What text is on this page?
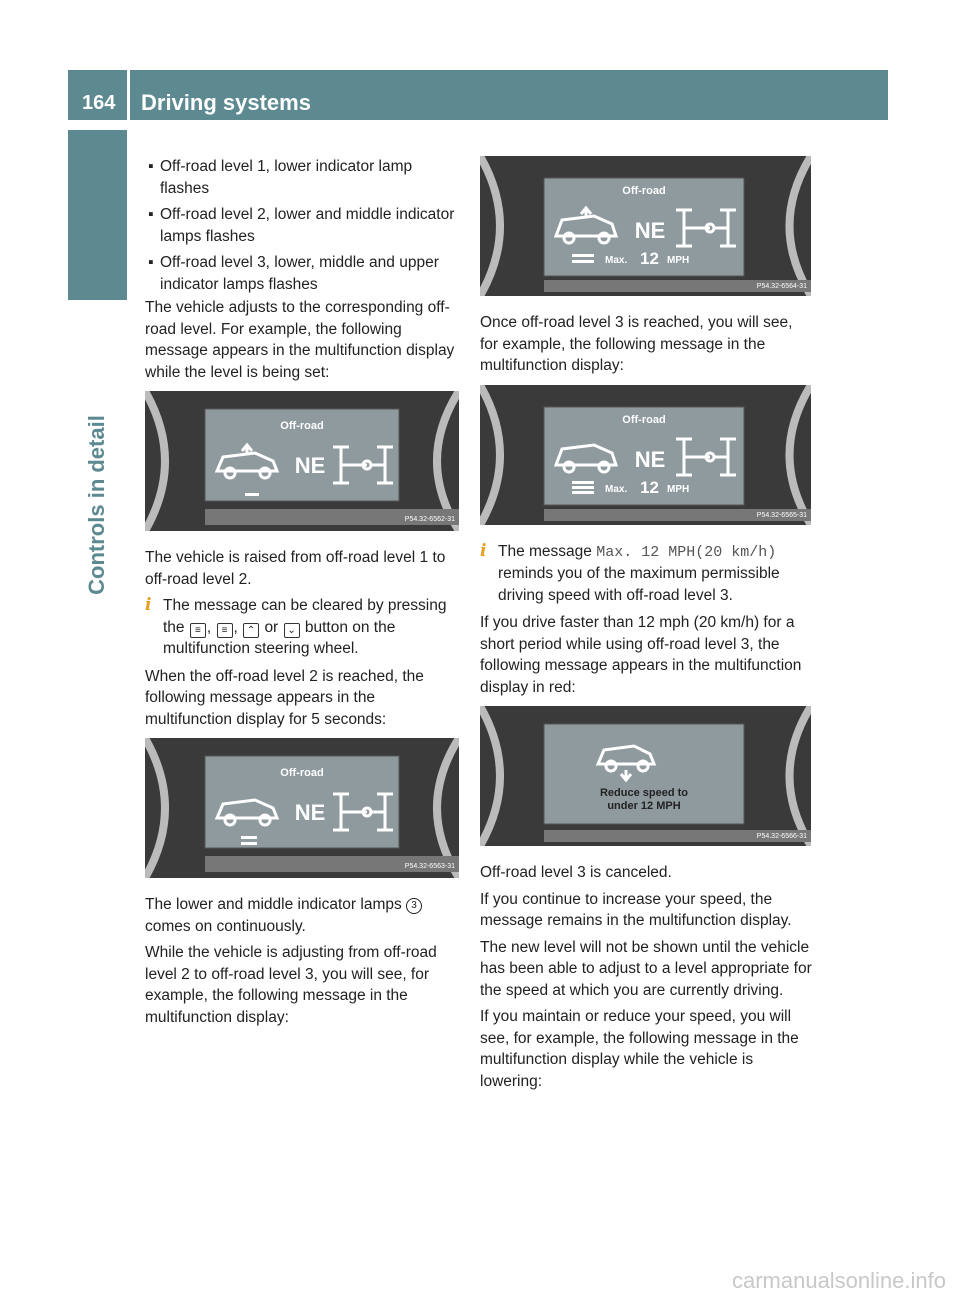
164 Driving systems
Controls in detail
▪ Off-road level 1, lower indicator lamp flashes
▪ Off-road level 2, lower and middle indicator lamps flashes
▪ Off-road level 3, lower, middle and upper indicator lamps flashes

The vehicle adjusts to the corresponding off-road level. For example, the following message appears in the multifunction display while the level is being set:

Off-road
NE
P54.32-6562-31

The vehicle is raised from off-road level 1 to off-road level 2.

i The message can be cleared by pressing the ≡ , ≡ , ⌃ or ⌄ button on the multifunction steering wheel.

When the off-road level 2 is reached, the following message appears in the multifunction display for 5 seconds:

Off-road
NE
P54.32-6563-31

The lower and middle indicator lamps 3 comes on continuously.

While the vehicle is adjusting from off-road level 2 to off-road level 3, you will see, for example, the following message in the multifunction display:

Off-road
NE
Max. 12 MPH
P54.32-6564-31

Once off-road level 3 is reached, you will see, for example, the following message in the multifunction display:

Off-road
NE
Max. 12 MPH
P54.32-6565-31
i The message Max. 12 MPH(20 km/h) reminds you of the maximum permissible driving speed with off-road level 3.

If you drive faster than 12 mph (20 km/h) for a short period while using off-road level 3, the following message appears in the multifunction display in red:

Reduce speed to
under 12 MPH
P54.32-6566-31

Off-road level 3 is canceled.

If you continue to increase your speed, the message remains in the multifunction display.

The new level will not be shown until the vehicle has been able to adjust to a level appropriate for the speed at which you are currently driving.

If you maintain or reduce your speed, you will see, for example, the following message in the multifunction display while the vehicle is lowering:

carmanualsonline.info
